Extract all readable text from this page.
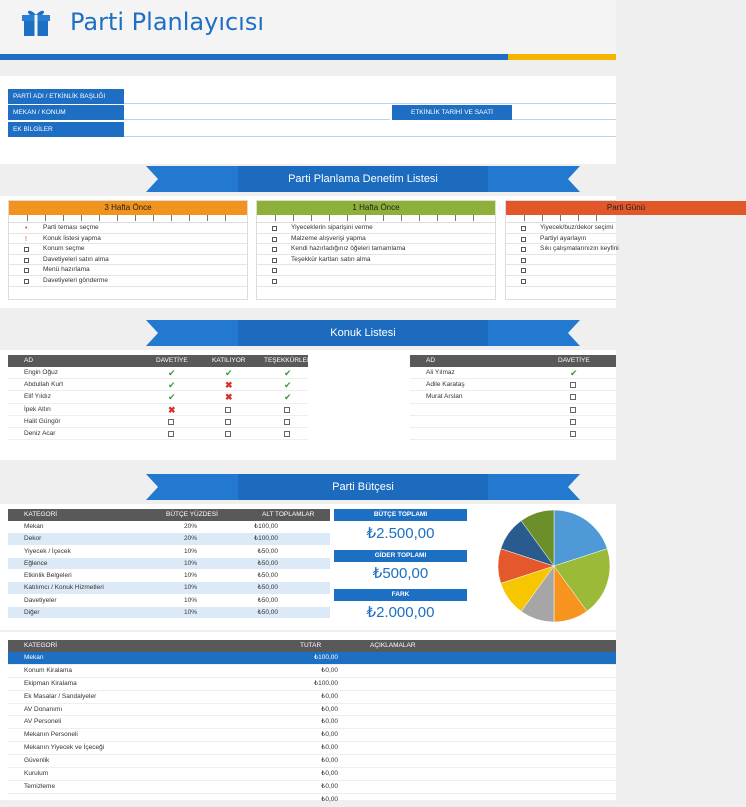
Parti Planlayıcısı
PARTİ ADI / ETKİNLİK BAŞLIĞI
MEKAN / KONUM	ETKİNLİK TARİHİ VE SAATİ
EK BİLGİLER
Parti Planlama Denetim Listesi
3 Hafta Önce
• Parti teması seçme
! Konuk listesi yapma
Konum seçme
Davetiyeleri satın alma
Menü hazırlama
Davetiyeleri gönderme
1 Hafta Önce
Yiyeceklerin siparişini verme
Malzeme alışverişi yapma
Kendi hazırladığınız öğeleri tamamlama
Teşekkür kartları satın alma
Parti Günü
Yiyecek/buz/dekor seçimi
Partiyi ayarlayın
Sıkı çalışmalarınızın keyfini
Konuk Listesi
AD	DAVETİYE	KATILIYOR	TEŞEKKÜRLER
Engin Oğuz	✔	✔	✔
Abdullah Kurt	✔	✖	✔
Elif Yıldız	✔	✖	✔
İpek Altın	✖
Halit Güngör
Deniz Acar
AD	DAVETİYE
Ali Yılmaz	✔
Adile Karataş
Murat Arslan
Parti Bütçesi
KATEGORİ	BÜTÇE YÜZDESİ	ALT TOPLAMLAR
Mekan	20%	₺100,00
Dekor	20%	₺100,00
Yiyecek / İçecek	10%	₺50,00
Eğlence	10%	₺50,00
Etkinlik Belgeleri	10%	₺50,00
Katılımcı / Konuk Hizmetleri	10%	₺50,00
Davetiyeler	10%	₺50,00
Diğer	10%	₺50,00
BÜTÇE TOPLAMI
₺2.500,00
GİDER TOPLAMI
₺500,00
FARK
₺2.000,00
KATEGORİ	TUTAR	AÇIKLAMALAR
Mekan	₺100,00
Konum Kiralama	₺0,00
Ekipman Kiralama	₺100,00
Ek Masalar / Sandalyeler	₺0,00
AV Donanımı	₺0,00
AV Personeli	₺0,00
Mekanın Personeli	₺0,00
Mekanın Yiyecek ve İçeceği	₺0,00
Güvenlik	₺0,00
Kurulum	₺0,00
Temizleme	₺0,00
₺0,00
